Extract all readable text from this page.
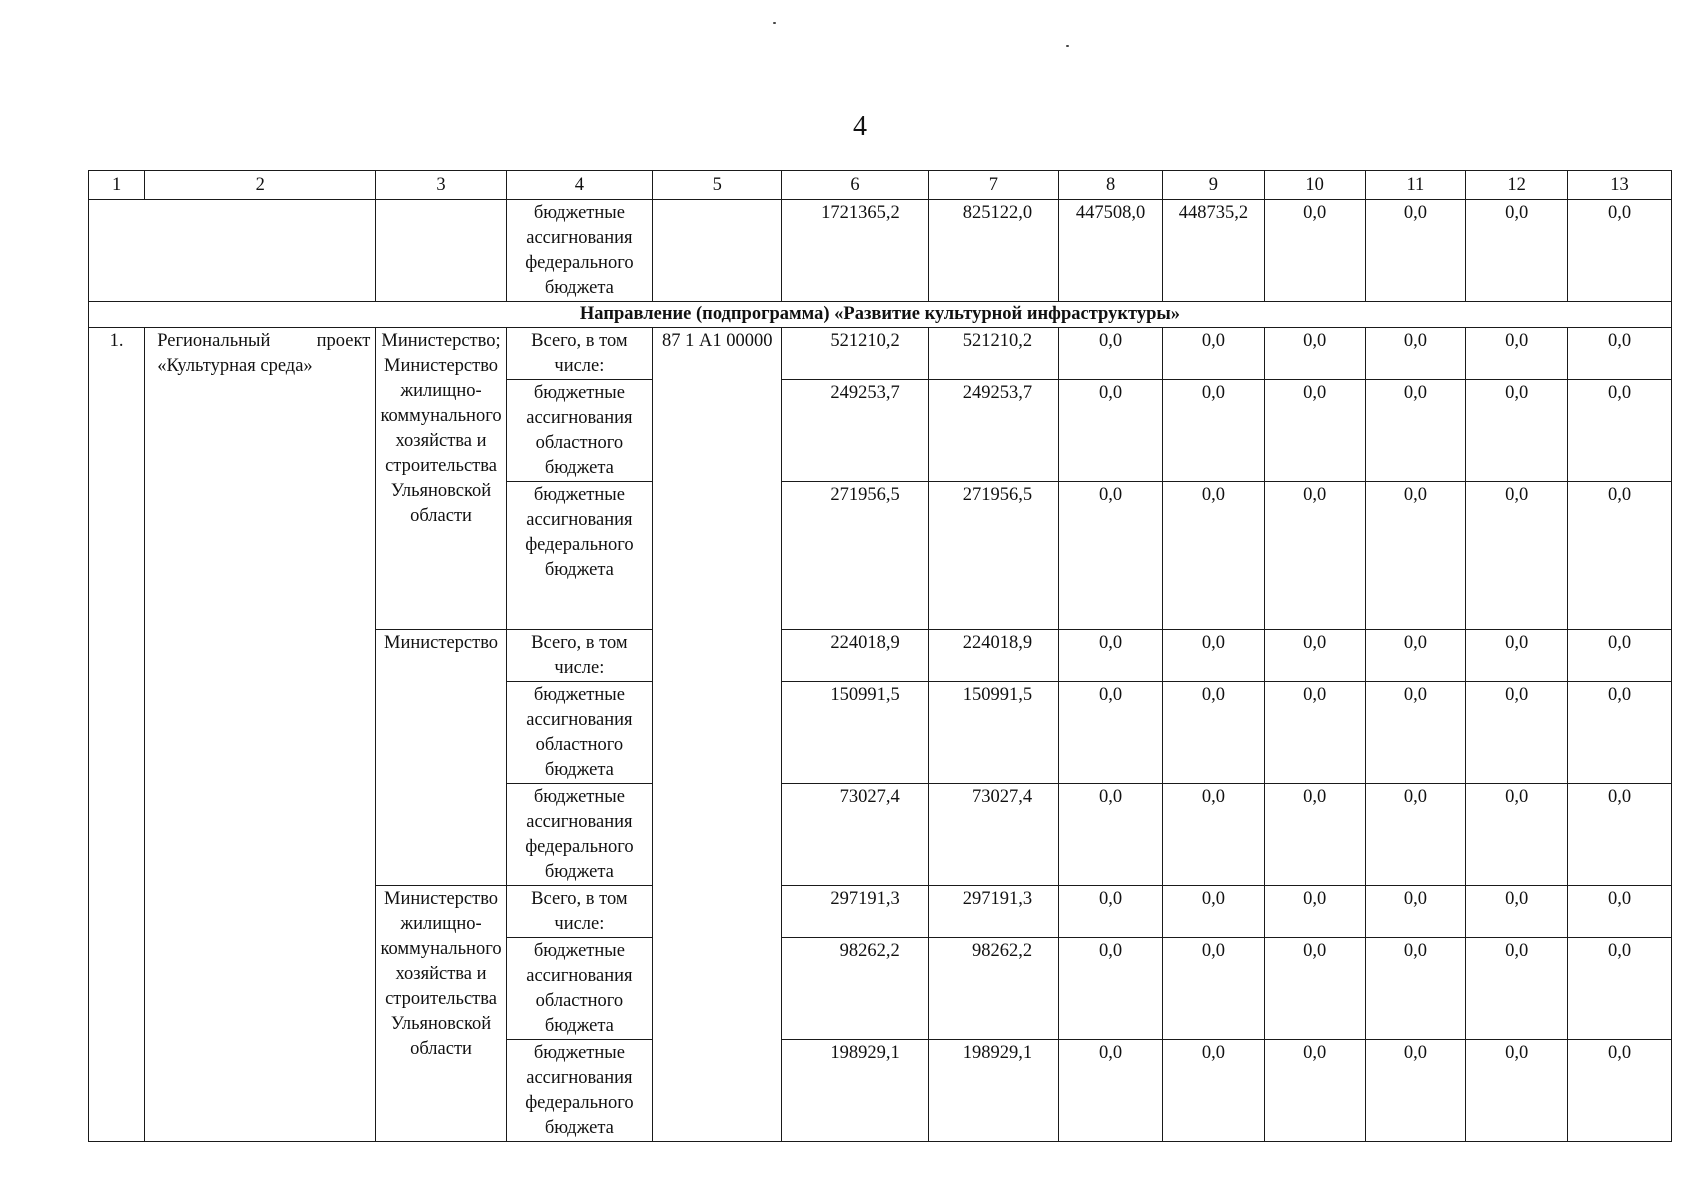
4
1	2	3	4	5	6	7	8	9	10	11	12	13
			бюджетные ассигнования федерального бюджета		1721365,2	825122,0	447508,0	448735,2	0,0	0,0	0,0	0,0
Направление (подпрограмма) «Развитие культурной инфраструктуры»												
1.	Региональный проект «Культурная среда»	Министерство; Министерство жилищно-коммунального хозяйства и строительства Ульяновской области	Всего, в том числе:	87 1 А1 00000	521210,2	521210,2	0,0	0,0	0,0	0,0	0,0	0,0
			бюджетные ассигнования областного бюджета		249253,7	249253,7	0,0	0,0	0,0	0,0	0,0	0,0
			бюджетные ассигнования федерального бюджета		271956,5	271956,5	0,0	0,0	0,0	0,0	0,0	0,0
		Министерство	Всего, в том числе:		224018,9	224018,9	0,0	0,0	0,0	0,0	0,0	0,0
			бюджетные ассигнования областного бюджета		150991,5	150991,5	0,0	0,0	0,0	0,0	0,0	0,0
			бюджетные ассигнования федерального бюджета		73027,4	73027,4	0,0	0,0	0,0	0,0	0,0	0,0
		Министерство жилищно-коммунального хозяйства и строительства Ульяновской области	Всего, в том числе:		297191,3	297191,3	0,0	0,0	0,0	0,0	0,0	0,0
			бюджетные ассигнования областного бюджета		98262,2	98262,2	0,0	0,0	0,0	0,0	0,0	0,0
			бюджетные ассигнования федерального бюджета		198929,1	198929,1	0,0	0,0	0,0	0,0	0,0	0,0
